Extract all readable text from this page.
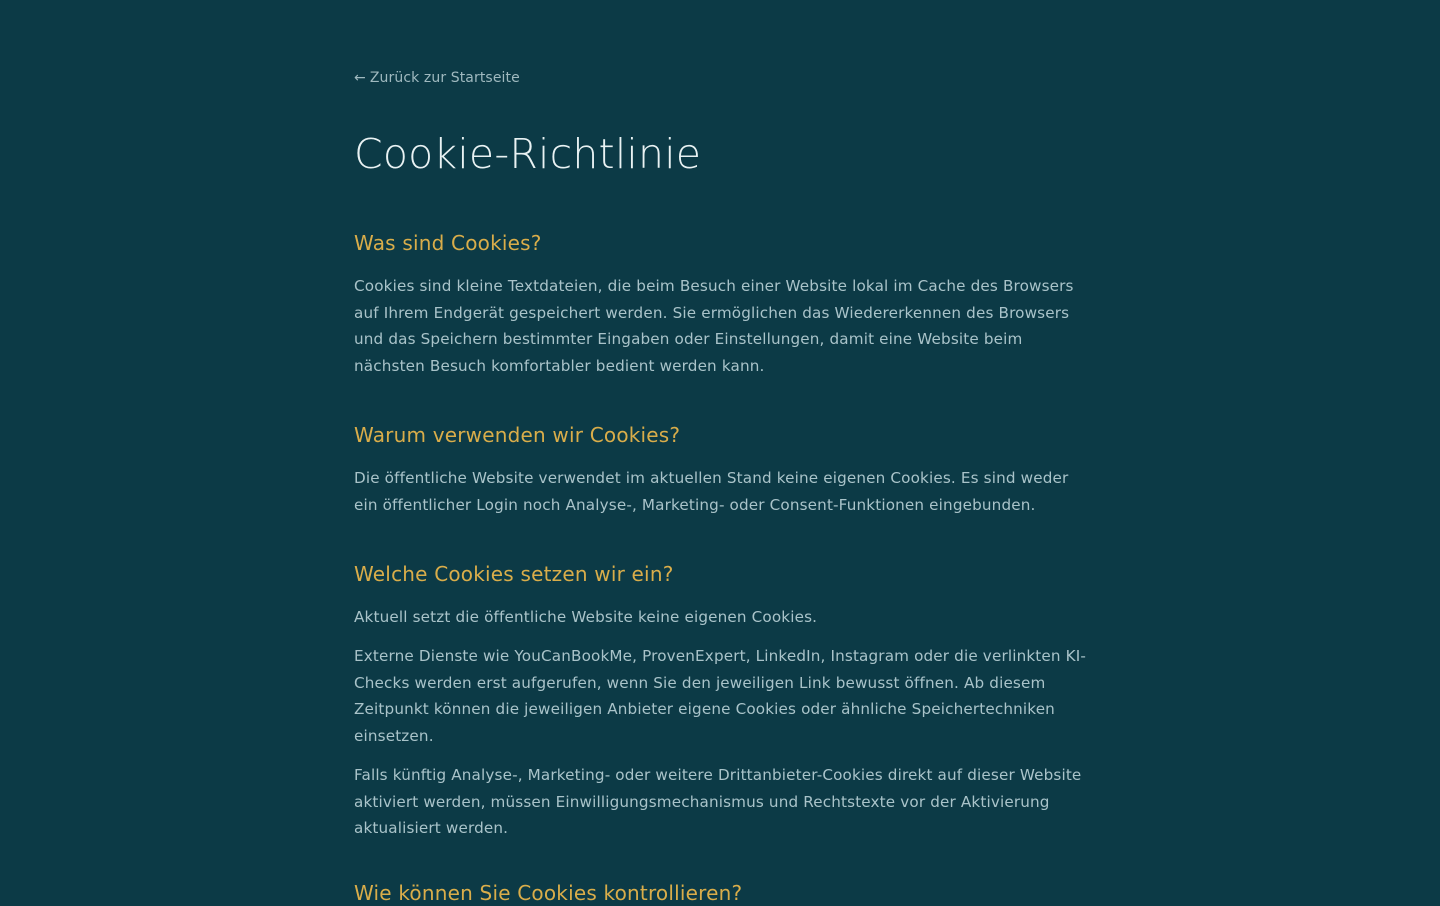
← Zurück zur Startseite
Cookie-Richtlinie
Was sind Cookies?

Cookies sind kleine Textdateien, die beim Besuch einer Website lokal im Cache des Browsers auf Ihrem Endgerät gespeichert werden. Sie ermöglichen das Wiedererkennen des Browsers und das Speichern bestimmter Eingaben oder Einstellungen, damit eine Website beim nächsten Besuch komfortabler bedient werden kann.

Warum verwenden wir Cookies?

Die öffentliche Website verwendet im aktuellen Stand keine eigenen Cookies. Es sind weder ein öffentlicher Login noch Analyse-, Marketing- oder Consent-Funktionen eingebunden.

Welche Cookies setzen wir ein?

Aktuell setzt die öffentliche Website keine eigenen Cookies.

Externe Dienste wie YouCanBookMe, ProvenExpert, LinkedIn, Instagram oder die verlinkten KI-Checks werden erst aufgerufen, wenn Sie den jeweiligen Link bewusst öffnen. Ab diesem Zeitpunkt können die jeweiligen Anbieter eigene Cookies oder ähnliche Speichertechniken einsetzen.

Falls künftig Analyse-, Marketing- oder weitere Drittanbieter-Cookies direkt auf dieser Website aktiviert werden, müssen Einwilligungsmechanismus und Rechtstexte vor der Aktivierung aktualisiert werden.

Wie können Sie Cookies kontrollieren?
